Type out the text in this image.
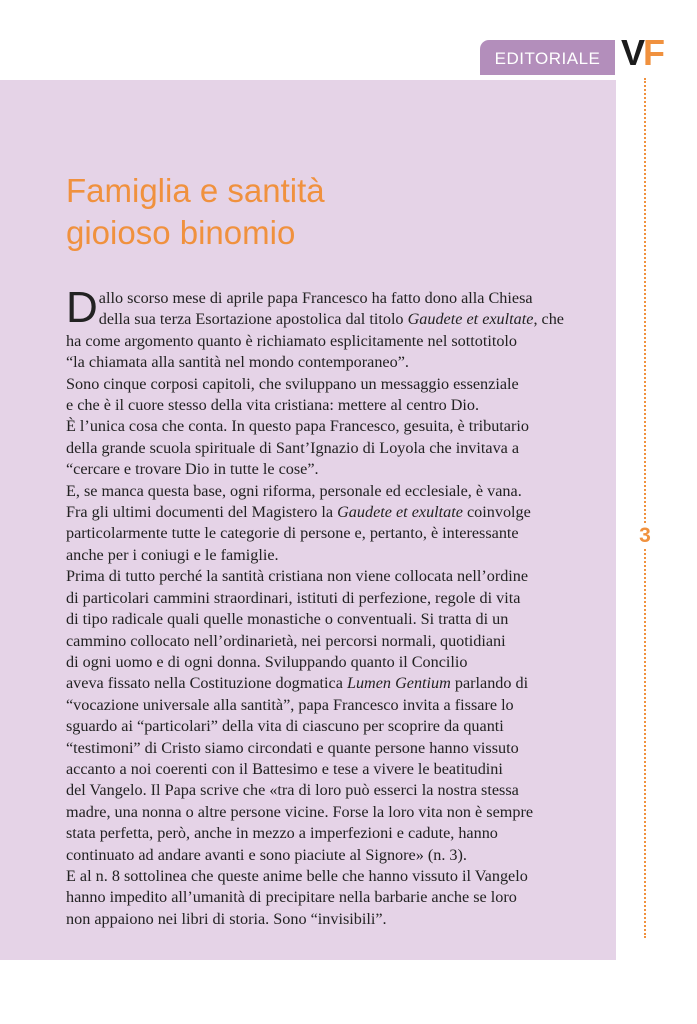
EDITORIALE VF
3
Famiglia e santità
gioioso binomio
D allo scorso mese di aprile papa Francesco ha fatto dono alla Chiesa
della sua terza Esortazione apostolica dal titolo Gaudete et exultate, che
ha come argomento quanto è richiamato esplicitamente nel sottotitolo
“la chiamata alla santità nel mondo contemporaneo”.
Sono cinque corposi capitoli, che sviluppano un messaggio essenziale
e che è il cuore stesso della vita cristiana: mettere al centro Dio.
È l’unica cosa che conta. In questo papa Francesco, gesuita, è tributario
della grande scuola spirituale di Sant’Ignazio di Loyola che invitava a
“cercare e trovare Dio in tutte le cose”.
E, se manca questa base, ogni riforma, personale ed ecclesiale, è vana.
Fra gli ultimi documenti del Magistero la Gaudete et exultate coinvolge
particolarmente tutte le categorie di persone e, pertanto, è interessante
anche per i coniugi e le famiglie.
Prima di tutto perché la santità cristiana non viene collocata nell’ordine
di particolari cammini straordinari, istituti di perfezione, regole di vita
di tipo radicale quali quelle monastiche o conventuali. Si tratta di un
cammino collocato nell’ordinarietà, nei percorsi normali, quotidiani
di ogni uomo e di ogni donna. Sviluppando quanto il Concilio
aveva fissato nella Costituzione dogmatica Lumen Gentium parlando di
“vocazione universale alla santità”, papa Francesco invita a fissare lo
sguardo ai “particolari” della vita di ciascuno per scoprire da quanti
“testimoni” di Cristo siamo circondati e quante persone hanno vissuto
accanto a noi coerenti con il Battesimo e tese a vivere le beatitudini
del Vangelo. Il Papa scrive che «tra di loro può esserci la nostra stessa
madre, una nonna o altre persone vicine. Forse la loro vita non è sempre
stata perfetta, però, anche in mezzo a imperfezioni e cadute, hanno
continuato ad andare avanti e sono piaciute al Signore» (n. 3).
E al n. 8 sottolinea che queste anime belle che hanno vissuto il Vangelo
hanno impedito all’umanità di precipitare nella barbarie anche se loro
non appaiono nei libri di storia. Sono “invisibili”.
